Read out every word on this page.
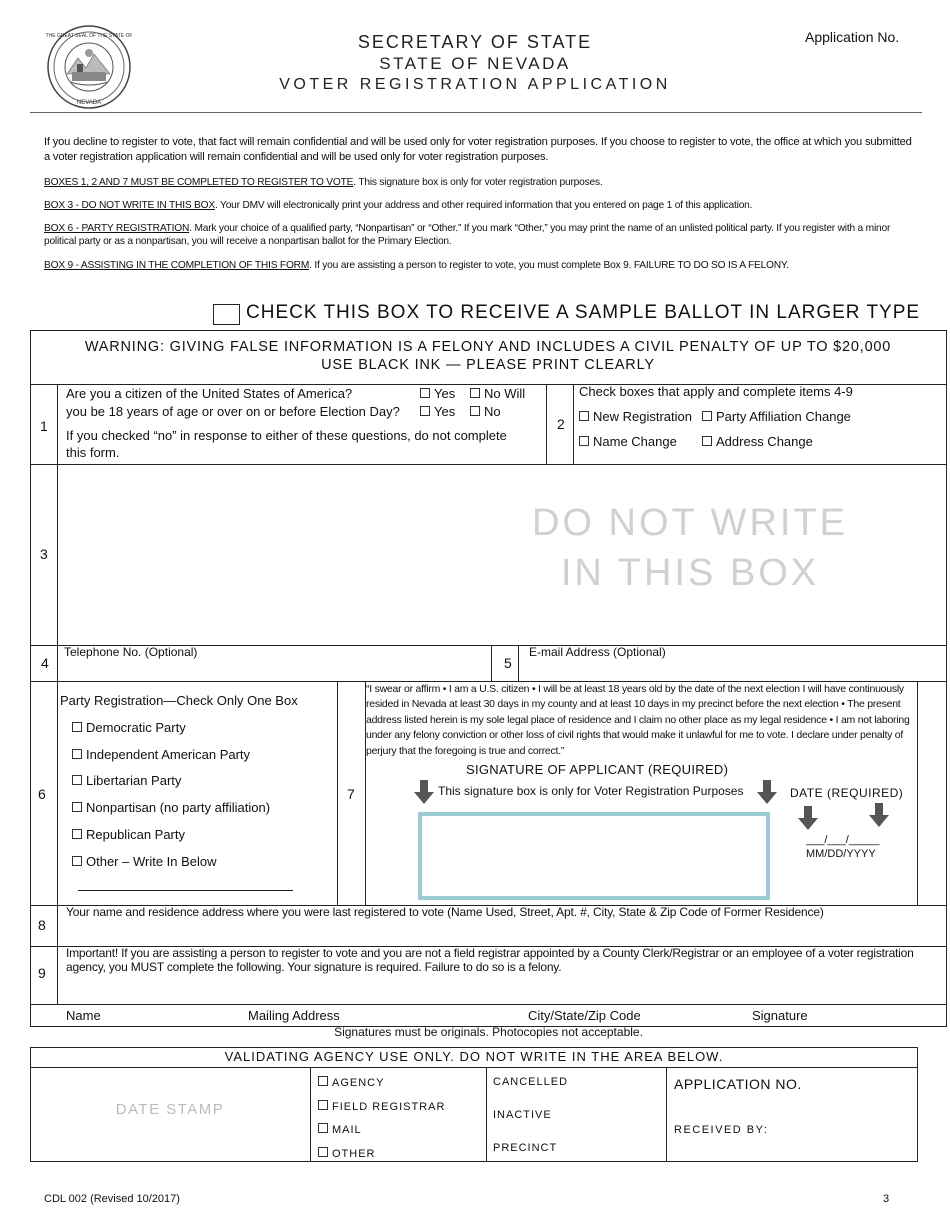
THE GREAT SEAL OF THE STATE OF
NEVADA
SECRETARY OF STATE
STATE OF NEVADA
VOTER REGISTRATION APPLICATION
Application No.
If you decline to register to vote, that fact will remain confidential and will be used only for voter registration purposes. If you choose to register to vote, the office at which you submitted a voter registration application will remain confidential and will be used only for voter registration purposes.
BOXES 1, 2 AND 7 MUST BE COMPLETED TO REGISTER TO VOTE. This signature box is only for voter registration purposes.
BOX 3 - DO NOT WRITE IN THIS BOX. Your DMV will electronically print your address and other required information that you entered on page 1 of this application.
BOX 6 - PARTY REGISTRATION. Mark your choice of a qualified party, “Nonpartisan” or “Other.” If you mark “Other,” you may print the name of an unlisted political party. If you register with a minor political party or as a nonpartisan, you will receive a nonpartisan ballot for the Primary Election.
BOX 9 - ASSISTING IN THE COMPLETION OF THIS FORM. If you are assisting a person to register to vote, you must complete Box 9. FAILURE TO DO SO IS A FELONY.
CHECK THIS BOX TO RECEIVE A SAMPLE BALLOT IN LARGER TYPE
WARNING: GIVING FALSE INFORMATION IS A FELONY AND INCLUDES A CIVIL PENALTY OF UP TO $20,000
USE BLACK INK — PLEASE PRINT CLEARLY
1
Are you a citizen of the United States of America?
you be 18 years of age or over on or before Election Day?
Yes	No Will
Yes	No
If you checked “no” in response to either of these questions, do not complete this form.
2
Check boxes that apply and complete items 4-9
New Registration	Party Affiliation Change
Name Change	Address Change
3
DO NOT WRITE
IN THIS BOX
4
Telephone No. (Optional)
5
E-mail Address (Optional)
6
Party Registration—Check Only One Box
Democratic Party
Independent American Party
Libertarian Party
Nonpartisan (no party affiliation)
Republican Party
Other – Write In Below
7
“I swear or affirm • I am a U.S. citizen • I will be at least 18 years old by the date of the next election I will have continuously resided in Nevada at least 30 days in my county and at least 10 days in my precinct before the next election • The present address listed herein is my sole legal place of residence and I claim no other place as my legal residence • I am not laboring under any felony conviction or other loss of civil rights that would make it unlawful for me to vote. I declare under penalty of perjury that the foregoing is true and correct.”
SIGNATURE OF APPLICANT (REQUIRED)
This signature box is only for Voter Registration Purposes	DATE (REQUIRED)
___/___/_____
MM/DD/YYYY
8
Your name and residence address where you were last registered to vote (Name Used, Street, Apt. #, City, State & Zip Code of Former Residence)
9
Important! If you are assisting a person to register to vote and you are not a field registrar appointed by a County Clerk/Registrar or an employee of a voter registration agency, you MUST complete the following. Your signature is required. Failure to do so is a felony.
Name	Mailing Address	City/State/Zip Code	Signature
Signatures must be originals. Photocopies not acceptable.
VALIDATING AGENCY USE ONLY. DO NOT WRITE IN THE AREA BELOW.
DATE STAMP
AGENCY
FIELD REGISTRAR
MAIL
OTHER
CANCELLED
INACTIVE
PRECINCT
APPLICATION NO.
RECEIVED BY:
CDL 002 (Revised 10/2017)	3
